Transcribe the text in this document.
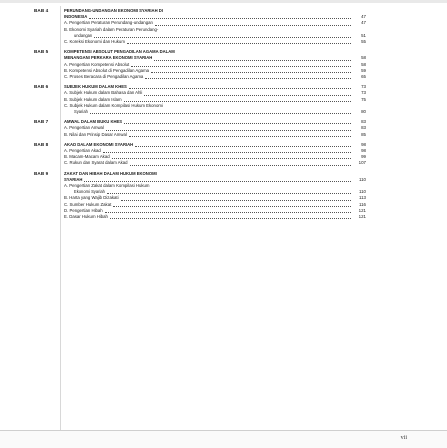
BAB 4	PERUNDANG-UNDANGAN EKONOMI SYARIAH DI
INDONESIA	47
A. Pengertian Peraturan Perundang-undangan	47
B. Ekonomi Syariah dalam Peraturan Perundang-
undangan	51
C. Koreksi Ekonomi dan Hukum	55
BAB 5	KOMPETENSI ABSOLUT PENGADILAN AGAMA DALAM
MENANGANI PERKARA EKONOMI SYARIAH	58
A. Pengertian Kompetensi Absolut	58
B. Kompetensi Absolut di Pengadilan Agama	59
C. Proses Beracara di Pengadilan Agama	65
BAB 6	SUBJEK HUKUM DALAM KHES	73
A. Subjek Hukum dalam Bahasa dan Ahli	73
B. Subjek Hukum dalam Islam	75
C. Subjek Hukum dalam Kompilasi Hukum Ekonomi
Syariah	80
BAB 7	AMWAL DALAM BUKU KHES	83
A. Pengertian Amwal	83
B. Nilai dan Prinsip Dasar Amwal	85
BAB 8	AKAD DALAM EKONOMI SYARIAH	98
A. Pengertian Akad	98
B. Macam-Macam Akad	99
C. Rukun dan Syarat dalam Akad	107
BAB 9	ZAKAT DAN HIBAH DALAM HUKUM EKONOMI
SYARIAH	110
A. Pengertian Zakat dalam Kompilasi Hukum
Ekonomi Syariah	110
B. Harta yang Wajib Dizakati	113
C. Sumber Hukum Zakat	116
D. Pengertian Hibah	121
E. Dasar Hukum Hibah	121
vii
